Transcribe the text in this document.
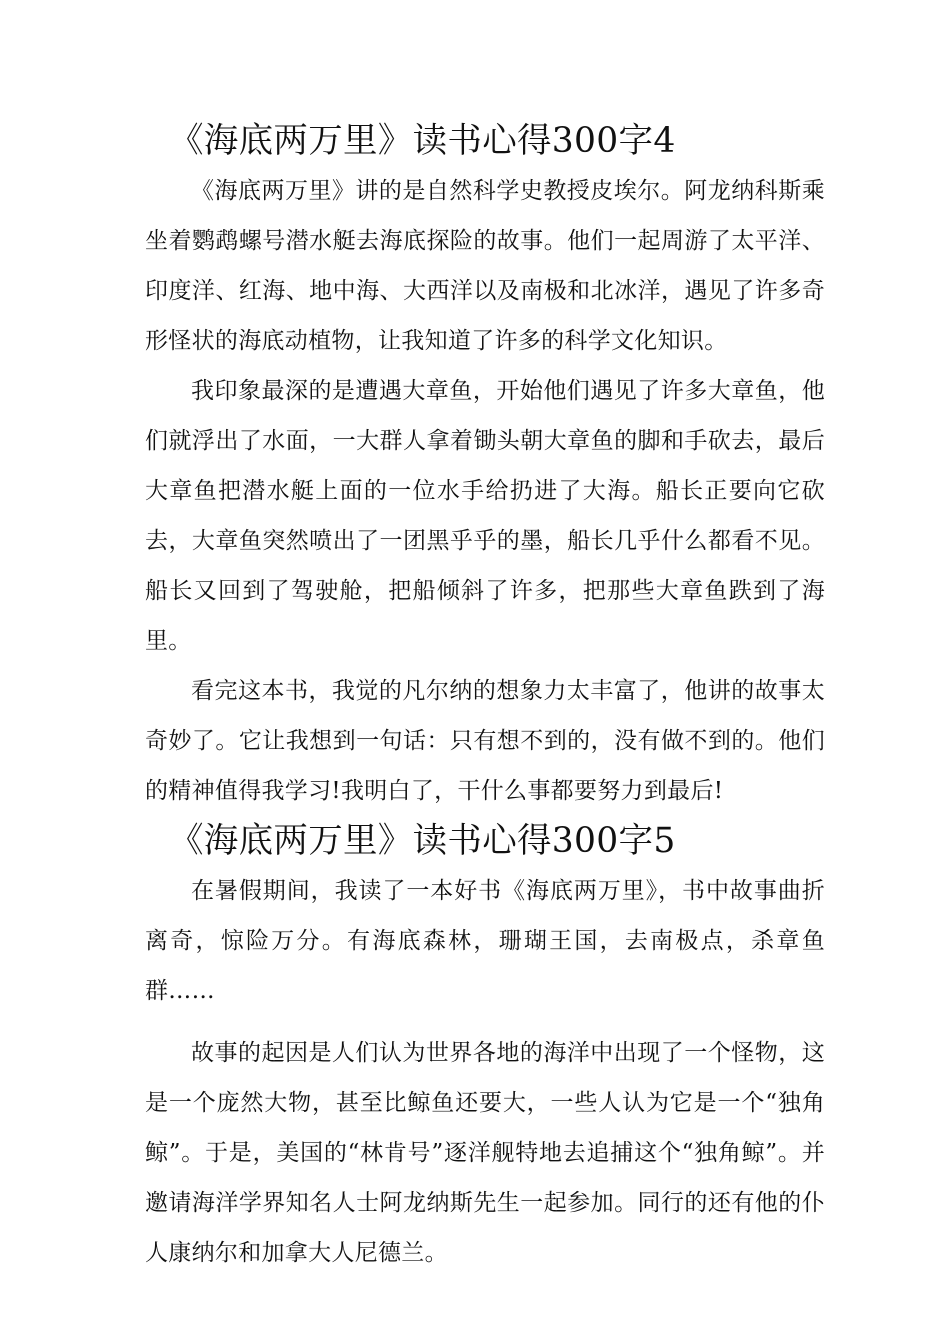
《海底两万里》读书心得300字4

《海底两万里》讲的是自然科学史教授皮埃尔。阿龙纳科斯乘坐着鹦鹉螺号潜水艇去海底探险的故事。他们一起周游了太平洋、印度洋、红海、地中海、大西洋以及南极和北冰洋，遇见了许多奇形怪状的海底动植物，让我知道了许多的科学文化知识。

我印象最深的是遭遇大章鱼，开始他们遇见了许多大章鱼，他们就浮出了水面，一大群人拿着锄头朝大章鱼的脚和手砍去，最后大章鱼把潜水艇上面的一位水手给扔进了大海。船长正要向它砍去，大章鱼突然喷出了一团黑乎乎的墨，船长几乎什么都看不见。船长又回到了驾驶舱，把船倾斜了许多，把那些大章鱼跌到了海里。

看完这本书，我觉的凡尔纳的想象力太丰富了，他讲的故事太奇妙了。它让我想到一句话：只有想不到的，没有做不到的。他们的精神值得我学习!我明白了，干什么事都要努力到最后!

《海底两万里》读书心得300字5

在暑假期间，我读了一本好书《海底两万里》，书中故事曲折离奇，惊险万分。有海底森林，珊瑚王国，去南极点，杀章鱼群……

故事的起因是人们认为世界各地的海洋中出现了一个怪物，这是一个庞然大物，甚至比鲸鱼还要大，一些人认为它是一个“独角鲸”。于是，美国的“林肯号”逐洋舰特地去追捕这个“独角鲸”。并邀请海洋学界知名人士阿龙纳斯先生一起参加。同行的还有他的仆人康纳尔和加拿大人尼德兰。
